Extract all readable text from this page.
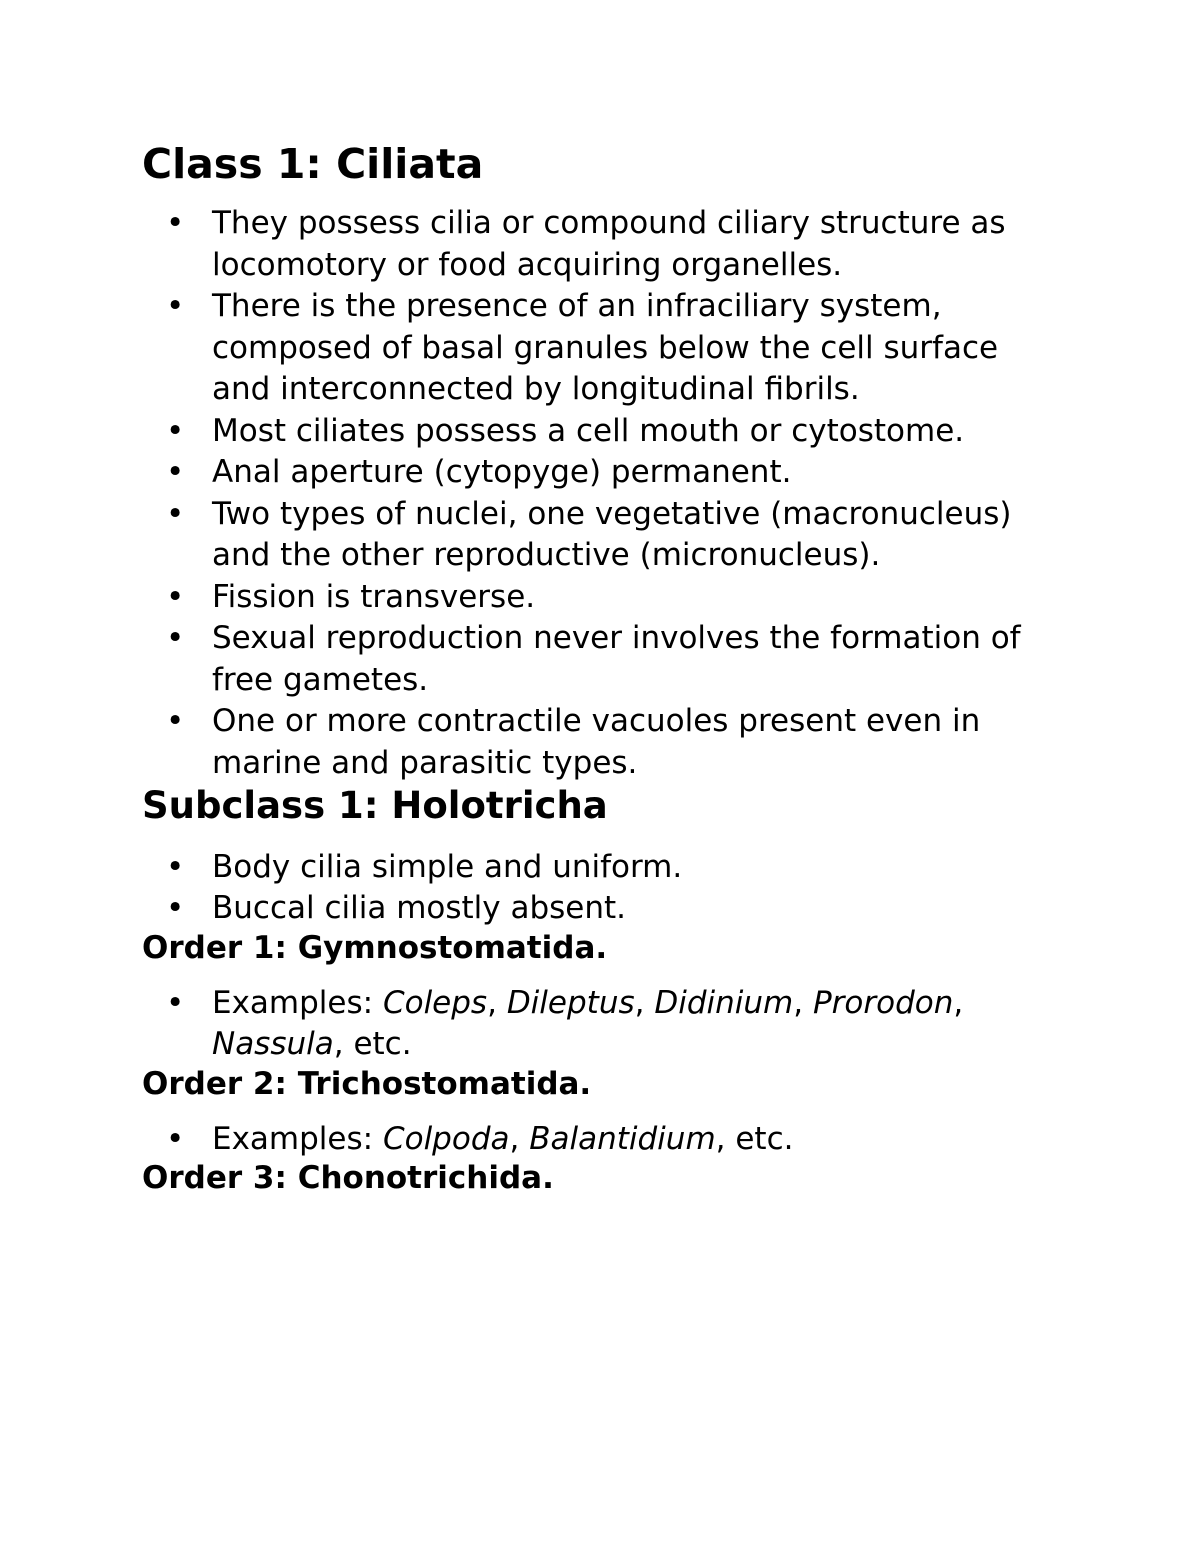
Class 1: Ciliata
• They possess cilia or compound ciliary structure as locomotory or food acquiring organelles.
• There is the presence of an infraciliary system, composed of basal granules below the cell surface and interconnected by longitudinal fibrils.
• Most ciliates possess a cell mouth or cytostome.
• Anal aperture (cytopyge) permanent.
• Two types of nuclei, one vegetative (macronucleus) and the other reproductive (micronucleus).
• Fission is transverse.
• Sexual reproduction never involves the formation of free gametes.
• One or more contractile vacuoles present even in marine and parasitic types.
Subclass 1: Holotricha
• Body cilia simple and uniform.
• Buccal cilia mostly absent.
Order 1: Gymnostomatida.
• Examples: Coleps, Dileptus, Didinium, Prorodon, Nassula, etc.
Order 2: Trichostomatida.
• Examples: Colpoda, Balantidium, etc.
Order 3: Chonotrichida.
